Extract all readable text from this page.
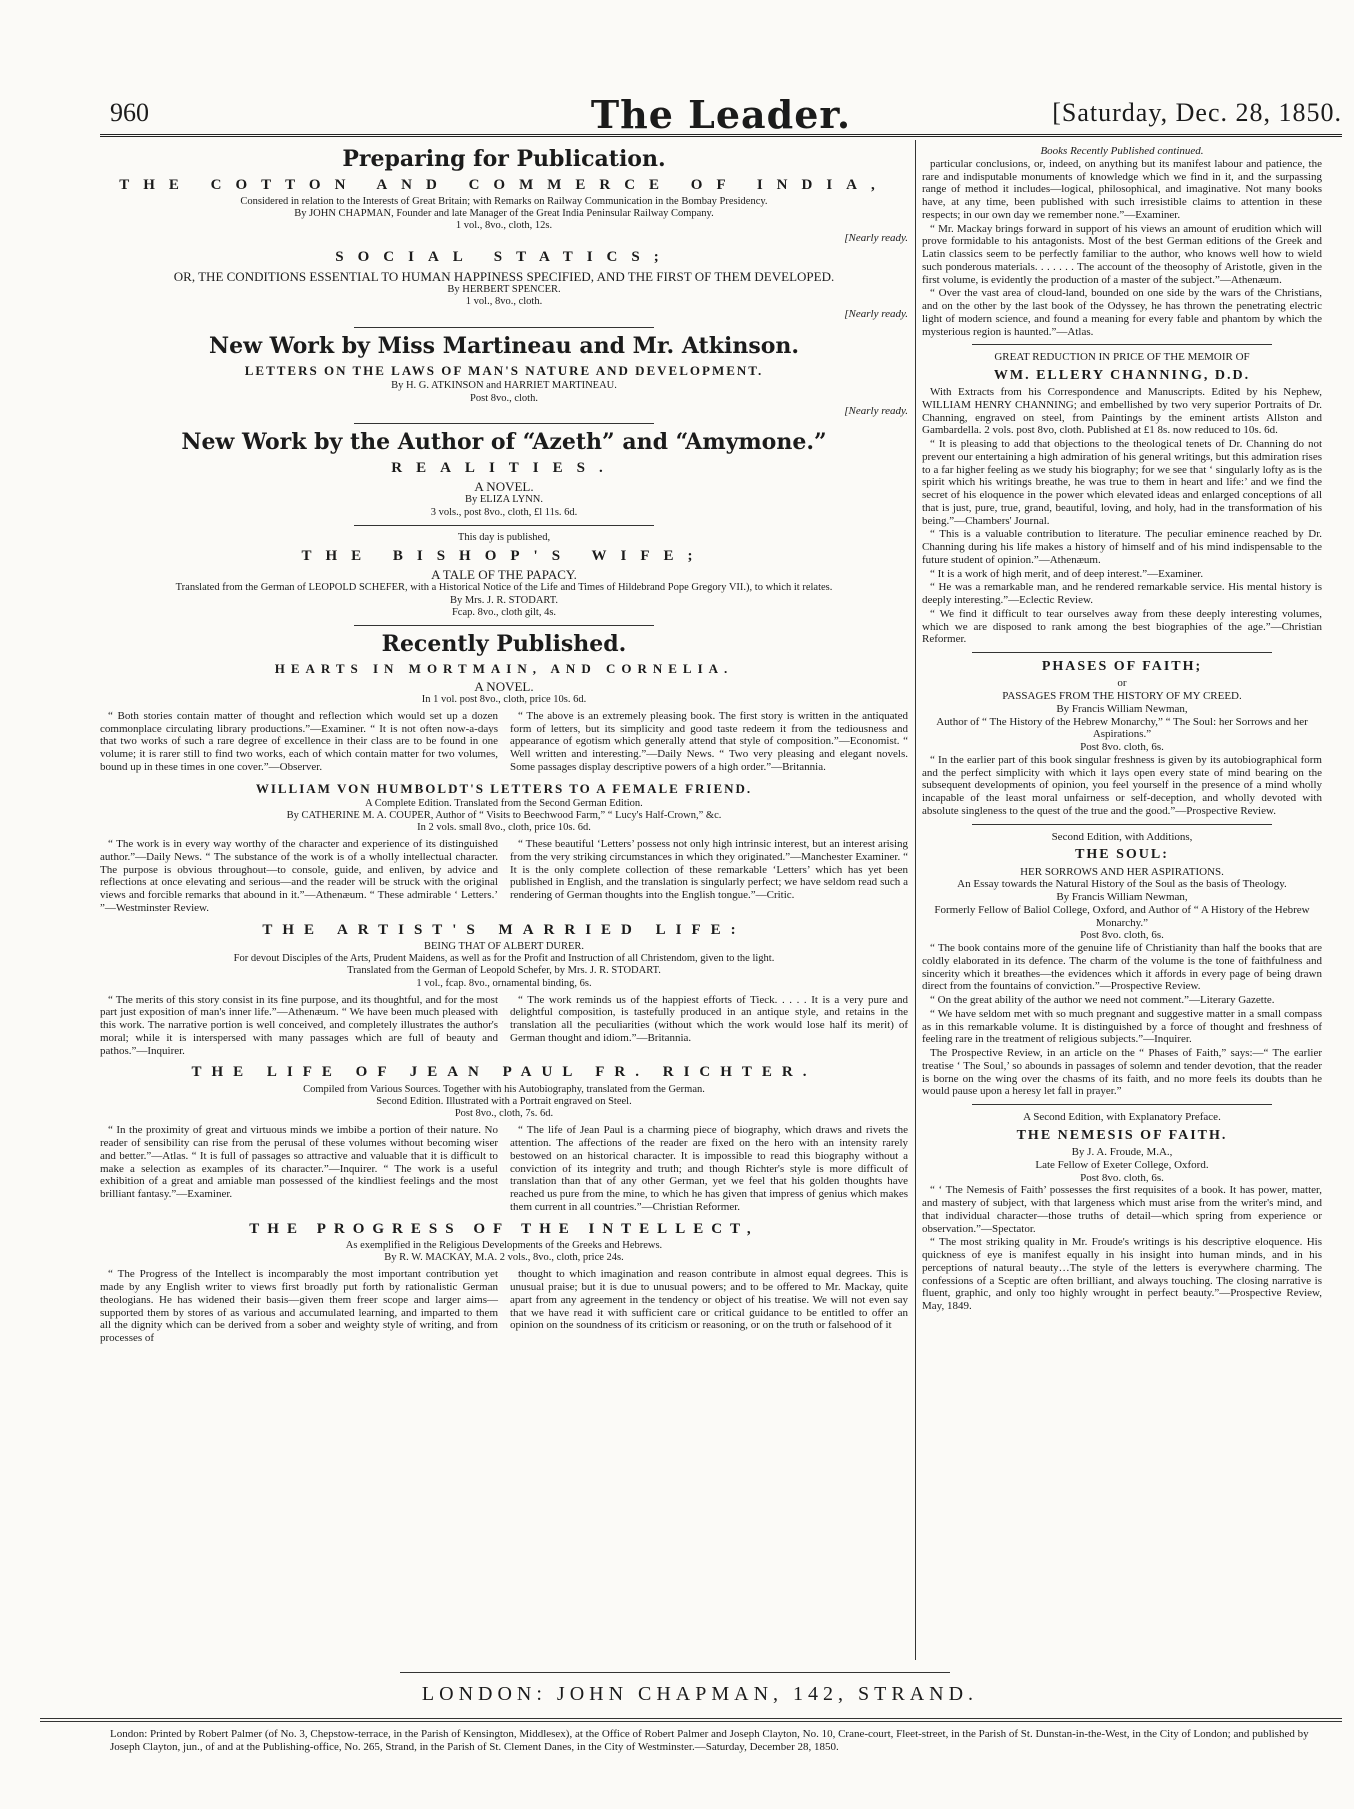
960	The Leader.	[Saturday, Dec. 28, 1850.
Preparing for Publication.
THE COTTON AND COMMERCE OF INDIA,
Considered in relation to the Interests of Great Britain; with Remarks on Railway Communication in the Bombay Presidency.
By JOHN CHAPMAN, Founder and late Manager of the Great India Peninsular Railway Company.
1 vol., 8vo., cloth, 12s.
[Nearly ready.
SOCIAL STATICS;
OR, THE CONDITIONS ESSENTIAL TO HUMAN HAPPINESS SPECIFIED, AND THE FIRST OF THEM DEVELOPED.
By HERBERT SPENCER.
1 vol., 8vo., cloth.
[Nearly ready.
New Work by Miss Martineau and Mr. Atkinson.
LETTERS ON THE LAWS OF MAN'S NATURE AND DEVELOPMENT.
By H. G. ATKINSON and HARRIET MARTINEAU.
Post 8vo., cloth.
[Nearly ready.
New Work by the Author of “Azeth” and “Amymone.”
REALITIES.
A NOVEL.
By ELIZA LYNN.
3 vols., post 8vo., cloth, £l 11s. 6d.
This day is published,
THE BISHOP'S WIFE;
A TALE OF THE PAPACY.
Translated from the German of LEOPOLD SCHEFER, with a Historical Notice of the Life and Times of Hildebrand Pope Gregory VII.), to which it relates.
By Mrs. J. R. STODART.
Fcap. 8vo., cloth gilt, 4s.
Recently Published.
HEARTS IN MORTMAIN, AND CORNELIA.
A NOVEL.
In 1 vol. post 8vo., cloth, price 10s. 6d.
“ Both stories contain matter of thought and reflection which would set up a dozen commonplace circulating library productions.”—Examiner. “ It is not often now-a-days that two works of such a rare degree of excellence in their class are to be found in one volume; it is rarer still to find two works, each of which contain matter for two volumes, bound up in these times in one cover.”—Observer.
“ The above is an extremely pleasing book. The first story is written in the antiquated form of letters, but its simplicity and good taste redeem it from the tediousness and appearance of egotism which generally attend that style of composition.”—Economist. “ Well written and interesting.”—Daily News. “ Two very pleasing and elegant novels. Some passages display descriptive powers of a high order.”—Britannia.
WILLIAM VON HUMBOLDT'S LETTERS TO A FEMALE FRIEND.
A Complete Edition. Translated from the Second German Edition.
By CATHERINE M. A. COUPER, Author of “ Visits to Beechwood Farm,” “ Lucy's Half-Crown,” &c.
In 2 vols. small 8vo., cloth, price 10s. 6d.
“ The work is in every way worthy of the character and experience of its distinguished author.”—Daily News. “ The substance of the work is of a wholly intellectual character. The purpose is obvious throughout—to console, guide, and enliven, by advice and reflections at once elevating and serious—and the reader will be struck with the original views and forcible remarks that abound in it.”—Athenæum. “ These admirable ‘ Letters.’ ”—Westminster Review.
“ These beautiful ‘Letters’ possess not only high intrinsic interest, but an interest arising from the very striking circumstances in which they originated.”—Manchester Examiner. “ It is the only complete collection of these remarkable ‘Letters’ which has yet been published in English, and the translation is singularly perfect; we have seldom read such a rendering of German thoughts into the English tongue.”—Critic.
THE ARTIST'S MARRIED LIFE:
BEING THAT OF ALBERT DURER.
For devout Disciples of the Arts, Prudent Maidens, as well as for the Profit and Instruction of all Christendom, given to the light.
Translated from the German of Leopold Schefer, by Mrs. J. R. STODART.
1 vol., fcap. 8vo., ornamental binding, 6s.
“ The merits of this story consist in its fine purpose, and its thoughtful, and for the most part just exposition of man's inner life.”—Athenæum. “ We have been much pleased with this work. The narrative portion is well conceived, and completely illustrates the author's moral; while it is interspersed with many passages which are full of beauty and pathos.”—Inquirer.
“ The work reminds us of the happiest efforts of Tieck. . . . . It is a very pure and delightful composition, is tastefully produced in an antique style, and retains in the translation all the peculiarities (without which the work would lose half its merit) of German thought and idiom.”—Britannia.
THE LIFE OF JEAN PAUL FR. RICHTER.
Compiled from Various Sources. Together with his Autobiography, translated from the German.
Second Edition. Illustrated with a Portrait engraved on Steel.
Post 8vo., cloth, 7s. 6d.
“ In the proximity of great and virtuous minds we imbibe a portion of their nature. No reader of sensibility can rise from the perusal of these volumes without becoming wiser and better.”—Atlas. “ It is full of passages so attractive and valuable that it is difficult to make a selection as examples of its character.”—Inquirer. “ The work is a useful exhibition of a great and amiable man possessed of the kindliest feelings and the most brilliant fantasy.”—Examiner.
“ The life of Jean Paul is a charming piece of biography, which draws and rivets the attention. The affections of the reader are fixed on the hero with an intensity rarely bestowed on an historical character. It is impossible to read this biography without a conviction of its integrity and truth; and though Richter's style is more difficult of translation than that of any other German, yet we feel that his golden thoughts have reached us pure from the mine, to which he has given that impress of genius which makes them current in all countries.”—Christian Reformer.
THE PROGRESS OF THE INTELLECT,
As exemplified in the Religious Developments of the Greeks and Hebrews.
By R. W. MACKAY, M.A. 2 vols., 8vo., cloth, price 24s.
“ The Progress of the Intellect is incomparably the most important contribution yet made by any English writer to views first broadly put forth by rationalistic German theologians. He has widened their basis—given them freer scope and larger aims—supported them by stores of as various and accumulated learning, and imparted to them all the dignity which can be derived from a sober and weighty style of writing, and from processes of
thought to which imagination and reason contribute in almost equal degrees. This is unusual praise; but it is due to unusual powers; and to be offered to Mr. Mackay, quite apart from any agreement in the tendency or object of his treatise. We will not even say that we have read it with sufficient care or critical guidance to be entitled to offer an opinion on the soundness of its criticism or reasoning, or on the truth or falsehood of it
Books Recently Published continued.
particular conclusions, or, indeed, on anything but its manifest labour and patience, the rare and indisputable monuments of knowledge which we find in it, and the surpassing range of method it includes—logical, philosophical, and imaginative. Not many books have, at any time, been published with such irresistible claims to attention in these respects; in our own day we remember none.”—Examiner.
“ Mr. Mackay brings forward in support of his views an amount of erudition which will prove formidable to his antagonists. Most of the best German editions of the Greek and Latin classics seem to be perfectly familiar to the author, who knows well how to wield such ponderous materials. . . . . . . The account of the theosophy of Aristotle, given in the first volume, is evidently the production of a master of the subject.”—Athenæum.
“ Over the vast area of cloud-land, bounded on one side by the wars of the Christians, and on the other by the last book of the Odyssey, he has thrown the penetrating electric light of modern science, and found a meaning for every fable and phantom by which the mysterious region is haunted.”—Atlas.
GREAT REDUCTION IN PRICE OF THE MEMOIR OF
WM. ELLERY CHANNING, D.D.
With Extracts from his Correspondence and Manuscripts. Edited by his Nephew, WILLIAM HENRY CHANNING; and embellished by two very superior Portraits of Dr. Channing, engraved on steel, from Paintings by the eminent artists Allston and Gambardella. 2 vols. post 8vo, cloth. Published at £1 8s. now reduced to 10s. 6d.
“ It is pleasing to add that objections to the theological tenets of Dr. Channing do not prevent our entertaining a high admiration of his general writings, but this admiration rises to a far higher feeling as we study his biography; for we see that ‘ singularly lofty as is the spirit which his writings breathe, he was true to them in heart and life:’ and we find the secret of his eloquence in the power which elevated ideas and enlarged conceptions of all that is just, pure, true, grand, beautiful, loving, and holy, had in the transformation of his being.”—Chambers' Journal.
“ This is a valuable contribution to literature. The peculiar eminence reached by Dr. Channing during his life makes a history of himself and of his mind indispensable to the future student of opinion.”—Athenæum.
“ It is a work of high merit, and of deep interest.”—Examiner.
“ He was a remarkable man, and he rendered remarkable service. His mental history is deeply interesting.”—Eclectic Review.
“ We find it difficult to tear ourselves away from these deeply interesting volumes, which we are disposed to rank among the best biographies of the age.”—Christian Reformer.
PHASES OF FAITH;
or
PASSAGES FROM THE HISTORY OF MY CREED.
By Francis William Newman,
Author of “ The History of the Hebrew Monarchy,” “ The Soul: her Sorrows and her Aspirations.”
Post 8vo. cloth, 6s.
“ In the earlier part of this book singular freshness is given by its autobiographical form and the perfect simplicity with which it lays open every state of mind bearing on the subsequent developments of opinion, you feel yourself in the presence of a mind wholly incapable of the least moral unfairness or self-deception, and wholly devoted with absolute singleness to the quest of the true and the good.”—Prospective Review.
Second Edition, with Additions,
THE SOUL:
HER SORROWS AND HER ASPIRATIONS.
An Essay towards the Natural History of the Soul as the basis of Theology.
By Francis William Newman,
Formerly Fellow of Baliol College, Oxford, and Author of “ A History of the Hebrew Monarchy.”
Post 8vo. cloth, 6s.
“ The book contains more of the genuine life of Christianity than half the books that are coldly elaborated in its defence. The charm of the volume is the tone of faithfulness and sincerity which it breathes—the evidences which it affords in every page of being drawn direct from the fountains of conviction.”—Prospective Review.
“ On the great ability of the author we need not comment.”—Literary Gazette.
“ We have seldom met with so much pregnant and suggestive matter in a small compass as in this remarkable volume. It is distinguished by a force of thought and freshness of feeling rare in the treatment of religious subjects.”—Inquirer.
The Prospective Review, in an article on the “ Phases of Faith,” says:—“ The earlier treatise ‘ The Soul,’ so abounds in passages of solemn and tender devotion, that the reader is borne on the wing over the chasms of its faith, and no more feels its doubts than he would pause upon a heresy let fall in prayer.”
A Second Edition, with Explanatory Preface.
THE NEMESIS OF FAITH.
By J. A. Froude, M.A.,
Late Fellow of Exeter College, Oxford.
Post 8vo. cloth, 6s.
“ ‘ The Nemesis of Faith’ possesses the first requisites of a book. It has power, matter, and mastery of subject, with that largeness which must arise from the writer's mind, and that individual character—those truths of detail—which spring from experience or observation.”—Spectator.
“ The most striking quality in Mr. Froude's writings is his descriptive eloquence. His quickness of eye is manifest equally in his insight into human minds, and in his perceptions of natural beauty…The style of the letters is everywhere charming. The confessions of a Sceptic are often brilliant, and always touching. The closing narrative is fluent, graphic, and only too highly wrought in perfect beauty.”—Prospective Review, May, 1849.
LONDON: JOHN CHAPMAN, 142, STRAND.
London: Printed by Robert Palmer (of No. 3, Chepstow-terrace, in the Parish of Kensington, Middlesex), at the Office of Robert Palmer and Joseph Clayton, No. 10, Crane-court, Fleet-street, in the Parish of St. Dunstan-in-the-West, in the City of London; and published by Joseph Clayton, jun., of and at the Publishing-office, No. 265, Strand, in the Parish of St. Clement Danes, in the City of Westminster.—Saturday, December 28, 1850.
